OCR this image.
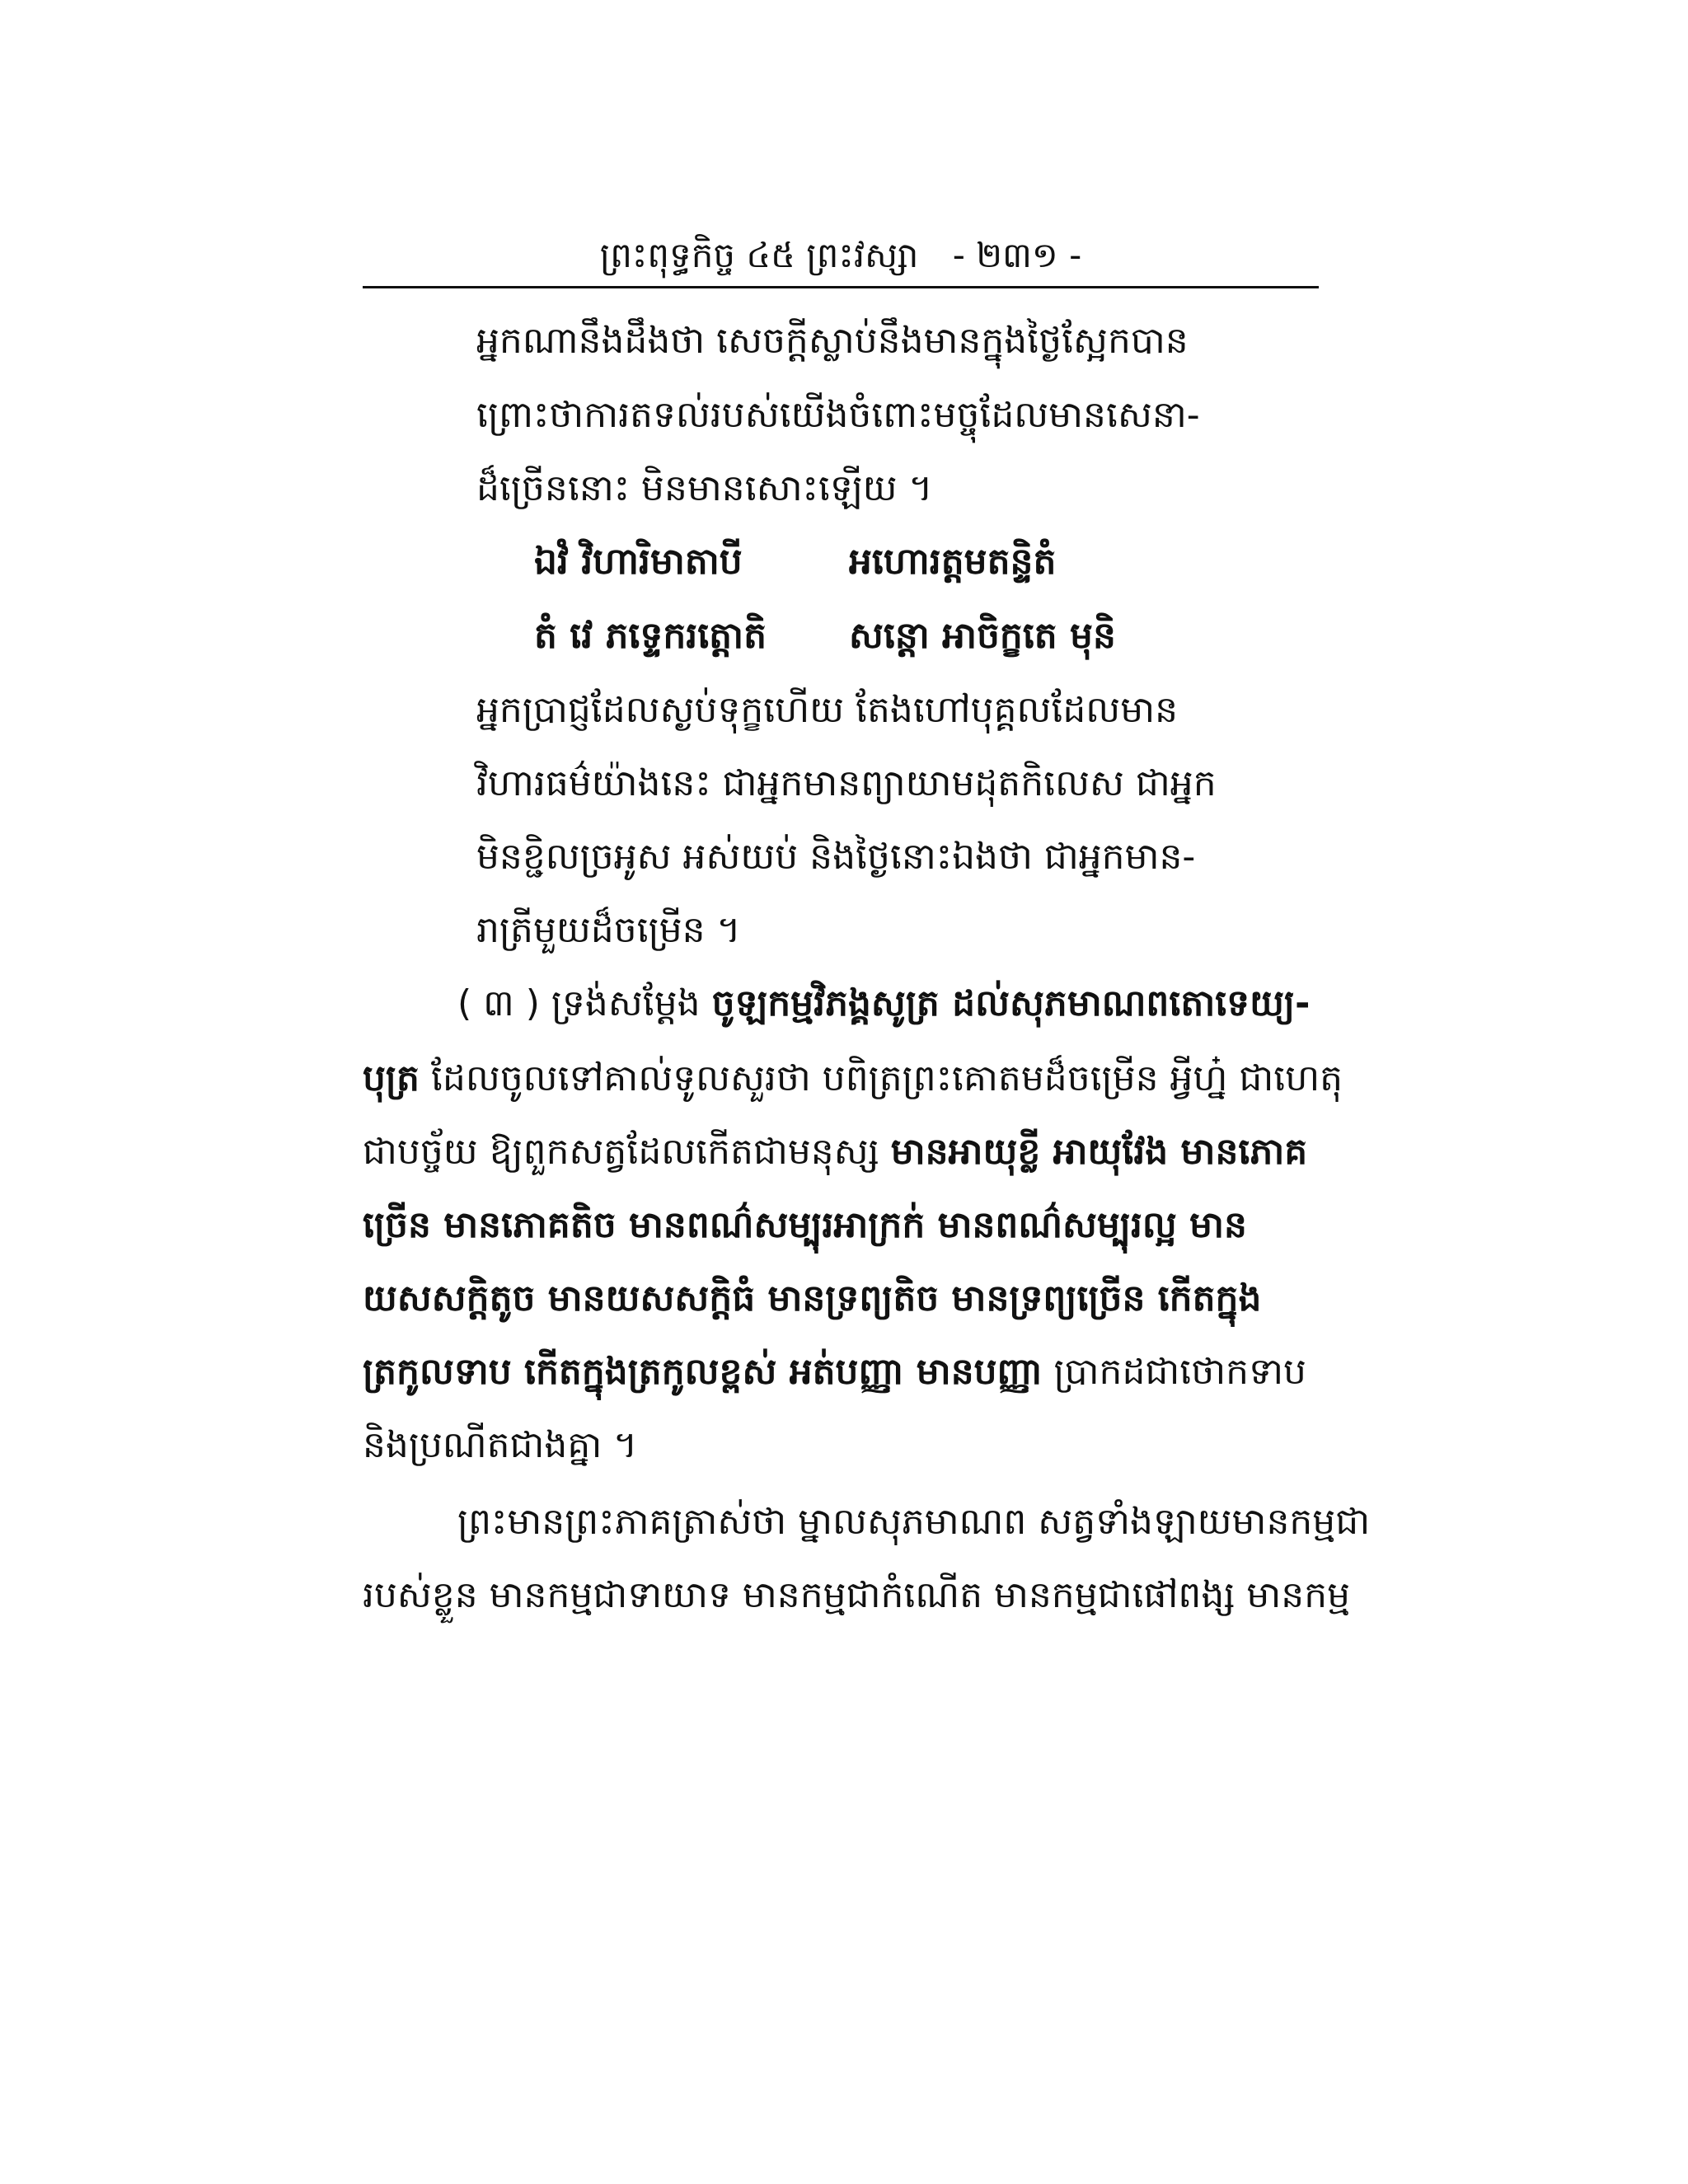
ព្រះពុទ្ធកិច្ច ៤៥ ព្រះវស្សា - ២៣១ -
អ្នកណានឹងដឹងថា សេចក្តីស្លាប់នឹងមានក្នុងថ្ងៃស្អែកបាន
ព្រោះថាការតទល់របស់យើងចំពោះមច្ចុដែលមានសេនា-
ដ៏ច្រើននោះ មិនមានសោះឡើយ ។
ឯវំ វិហារិមាតាបី	អហោរត្តមតន្ទិតំ
តំ វេ ភទ្ទេករត្តោតិ សន្តោ អាចិក្ខតេ មុនិ
អ្នកប្រាជ្ញដែលស្ងប់ទុក្ខហើយ តែងហៅបុគ្គលដែលមាន
វិហារធម៌យ៉ាងនេះ ជាអ្នកមានព្យាយាមដុតកិលេស ជាអ្នក
មិនខ្ជិលច្រអូស អស់យប់ និងថ្ងៃនោះឯងថា ជាអ្នកមាន-
រាត្រីមួយដ៏ចម្រើន ។
( ៣ ) ទ្រង់សម្តែង ចូឡកម្មវិភង្គសូត្រ ដល់សុភមាណពតោទេយ្យ-
បុត្រ ដែលចូលទៅគាល់ទូលសួរថា បពិត្រព្រះគោតមដ៏ចម្រើន អ្វីហ្ន៎ ជាហេតុ
ជាបច្ច័យ ឱ្យពួកសត្វដែលកើតជាមនុស្ស មានអាយុខ្លី អាយុវែង មានភោគ
ច្រើន មានភោគតិច មានពណ៌សម្បុរអាក្រក់ មានពណ៌សម្បុរល្អ មាន
យសសក្តិតូច មានយសសក្តិធំ មានទ្រព្យតិច មានទ្រព្យច្រើន កើតក្នុង
ត្រកូលទាប កើតក្នុងត្រកូលខ្ពស់ អត់បញ្ញា មានបញ្ញា ប្រាកដជាថោកទាប
និងប្រណីតជាងគ្នា ។
ព្រះមានព្រះភាគត្រាស់ថា ម្នាលសុភមាណព សត្វទាំងឡាយមានកម្មជា
របស់ខ្លួន មានកម្មជាទាយាទ មានកម្មជាកំណើត មានកម្មជាផៅពង្ស មានកម្ម
